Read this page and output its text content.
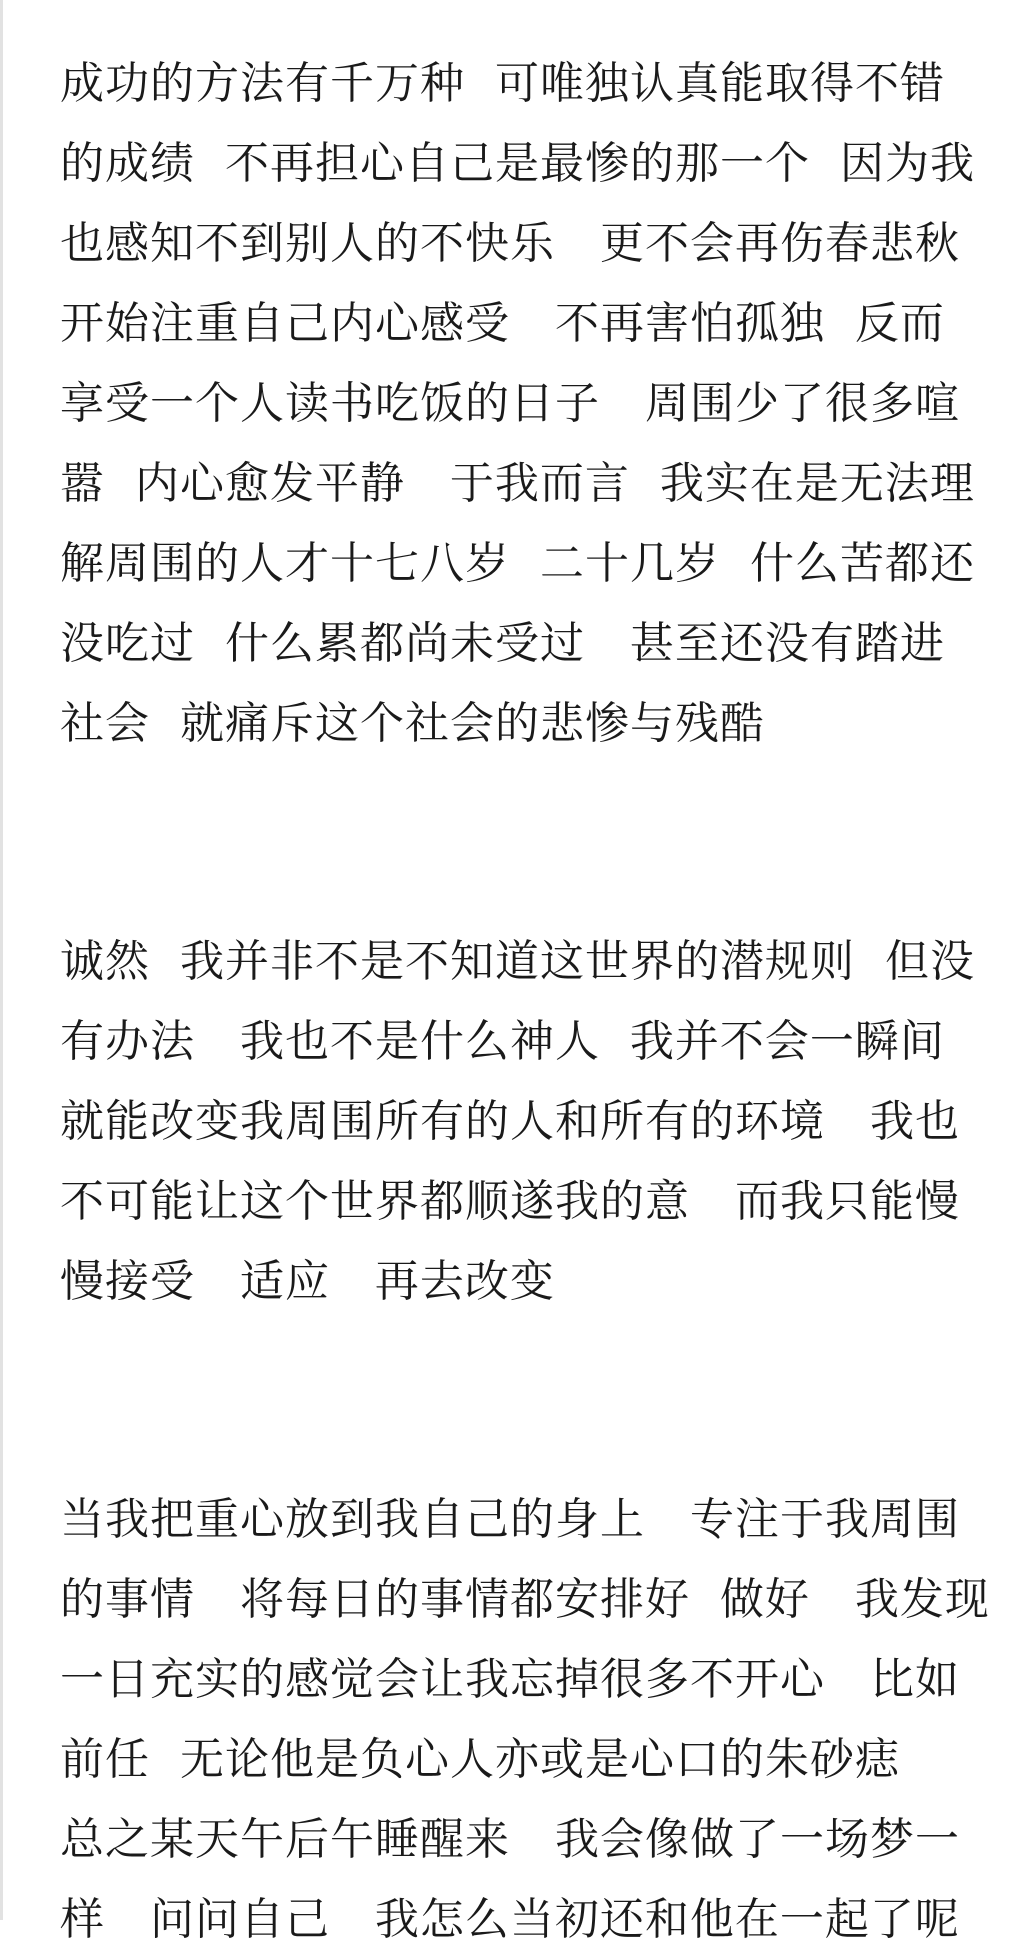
成功的方法有千万种  可唯独认真能取得不错
的成绩  不再担心自己是最惨的那一个  因为我
也感知不到别人的不快乐   更不会再伤春悲秋
开始注重自己内心感受   不再害怕孤独  反而
享受一个人读书吃饭的日子   周围少了很多喧
嚣  内心愈发平静   于我而言  我实在是无法理
解周围的人才十七八岁  二十几岁  什么苦都还
没吃过  什么累都尚未受过   甚至还没有踏进
社会  就痛斥这个社会的悲惨与残酷
诚然  我并非不是不知道这世界的潜规则  但没
有办法   我也不是什么神人  我并不会一瞬间
就能改变我周围所有的人和所有的环境   我也
不可能让这个世界都顺遂我的意   而我只能慢
慢接受   适应   再去改变
当我把重心放到我自己的身上   专注于我周围
的事情   将每日的事情都安排好  做好   我发现
一日充实的感觉会让我忘掉很多不开心   比如
前任  无论他是负心人亦或是心口的朱砂痣
总之某天午后午睡醒来   我会像做了一场梦一
样   问问自己   我怎么当初还和他在一起了呢
